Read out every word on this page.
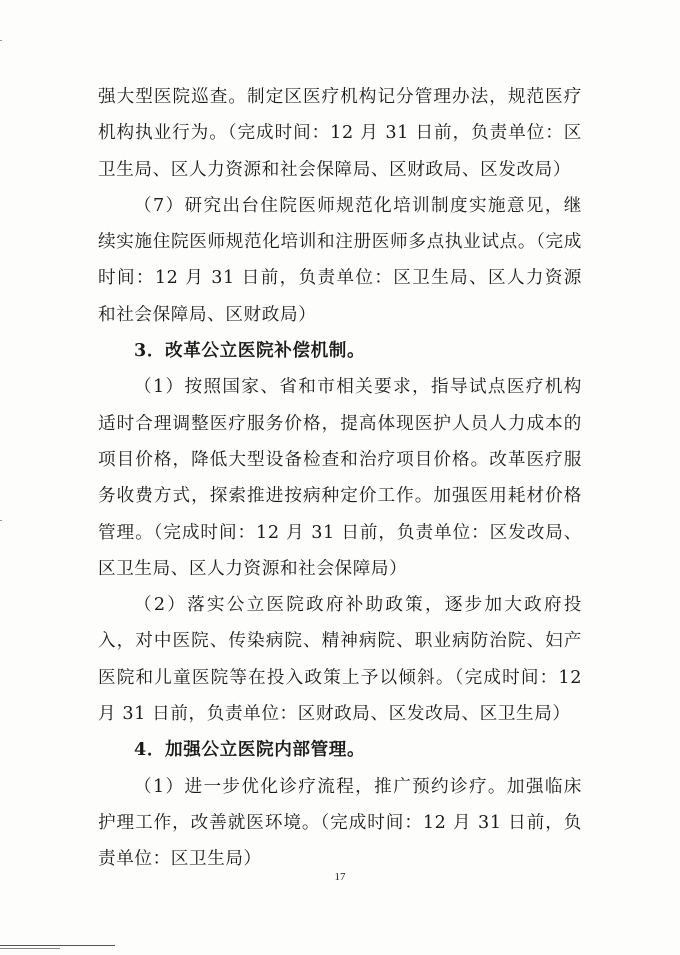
强大型医院巡查。制定区医疗机构记分管理办法，规范医疗机构执业行为。（完成时间：12 月 31 日前，负责单位：区卫生局、区人力资源和社会保障局、区财政局、区发改局）

（7）研究出台住院医师规范化培训制度实施意见，继续实施住院医师规范化培训和注册医师多点执业试点。（完成时间：12 月 31 日前，负责单位：区卫生局、区人力资源和社会保障局、区财政局）

3．改革公立医院补偿机制。

（1）按照国家、省和市相关要求，指导试点医疗机构适时合理调整医疗服务价格，提高体现医护人员人力成本的项目价格，降低大型设备检查和治疗项目价格。改革医疗服务收费方式，探索推进按病种定价工作。加强医用耗材价格管理。（完成时间：12 月 31 日前，负责单位：区发改局、区卫生局、区人力资源和社会保障局）

（2）落实公立医院政府补助政策，逐步加大政府投入，对中医院、传染病院、精神病院、职业病防治院、妇产医院和儿童医院等在投入政策上予以倾斜。（完成时间：12 月 31 日前，负责单位：区财政局、区发改局、区卫生局）

4．加强公立医院内部管理。

（1）进一步优化诊疗流程，推广预约诊疗。加强临床护理工作，改善就医环境。（完成时间：12 月 31 日前，负责单位：区卫生局）

17
